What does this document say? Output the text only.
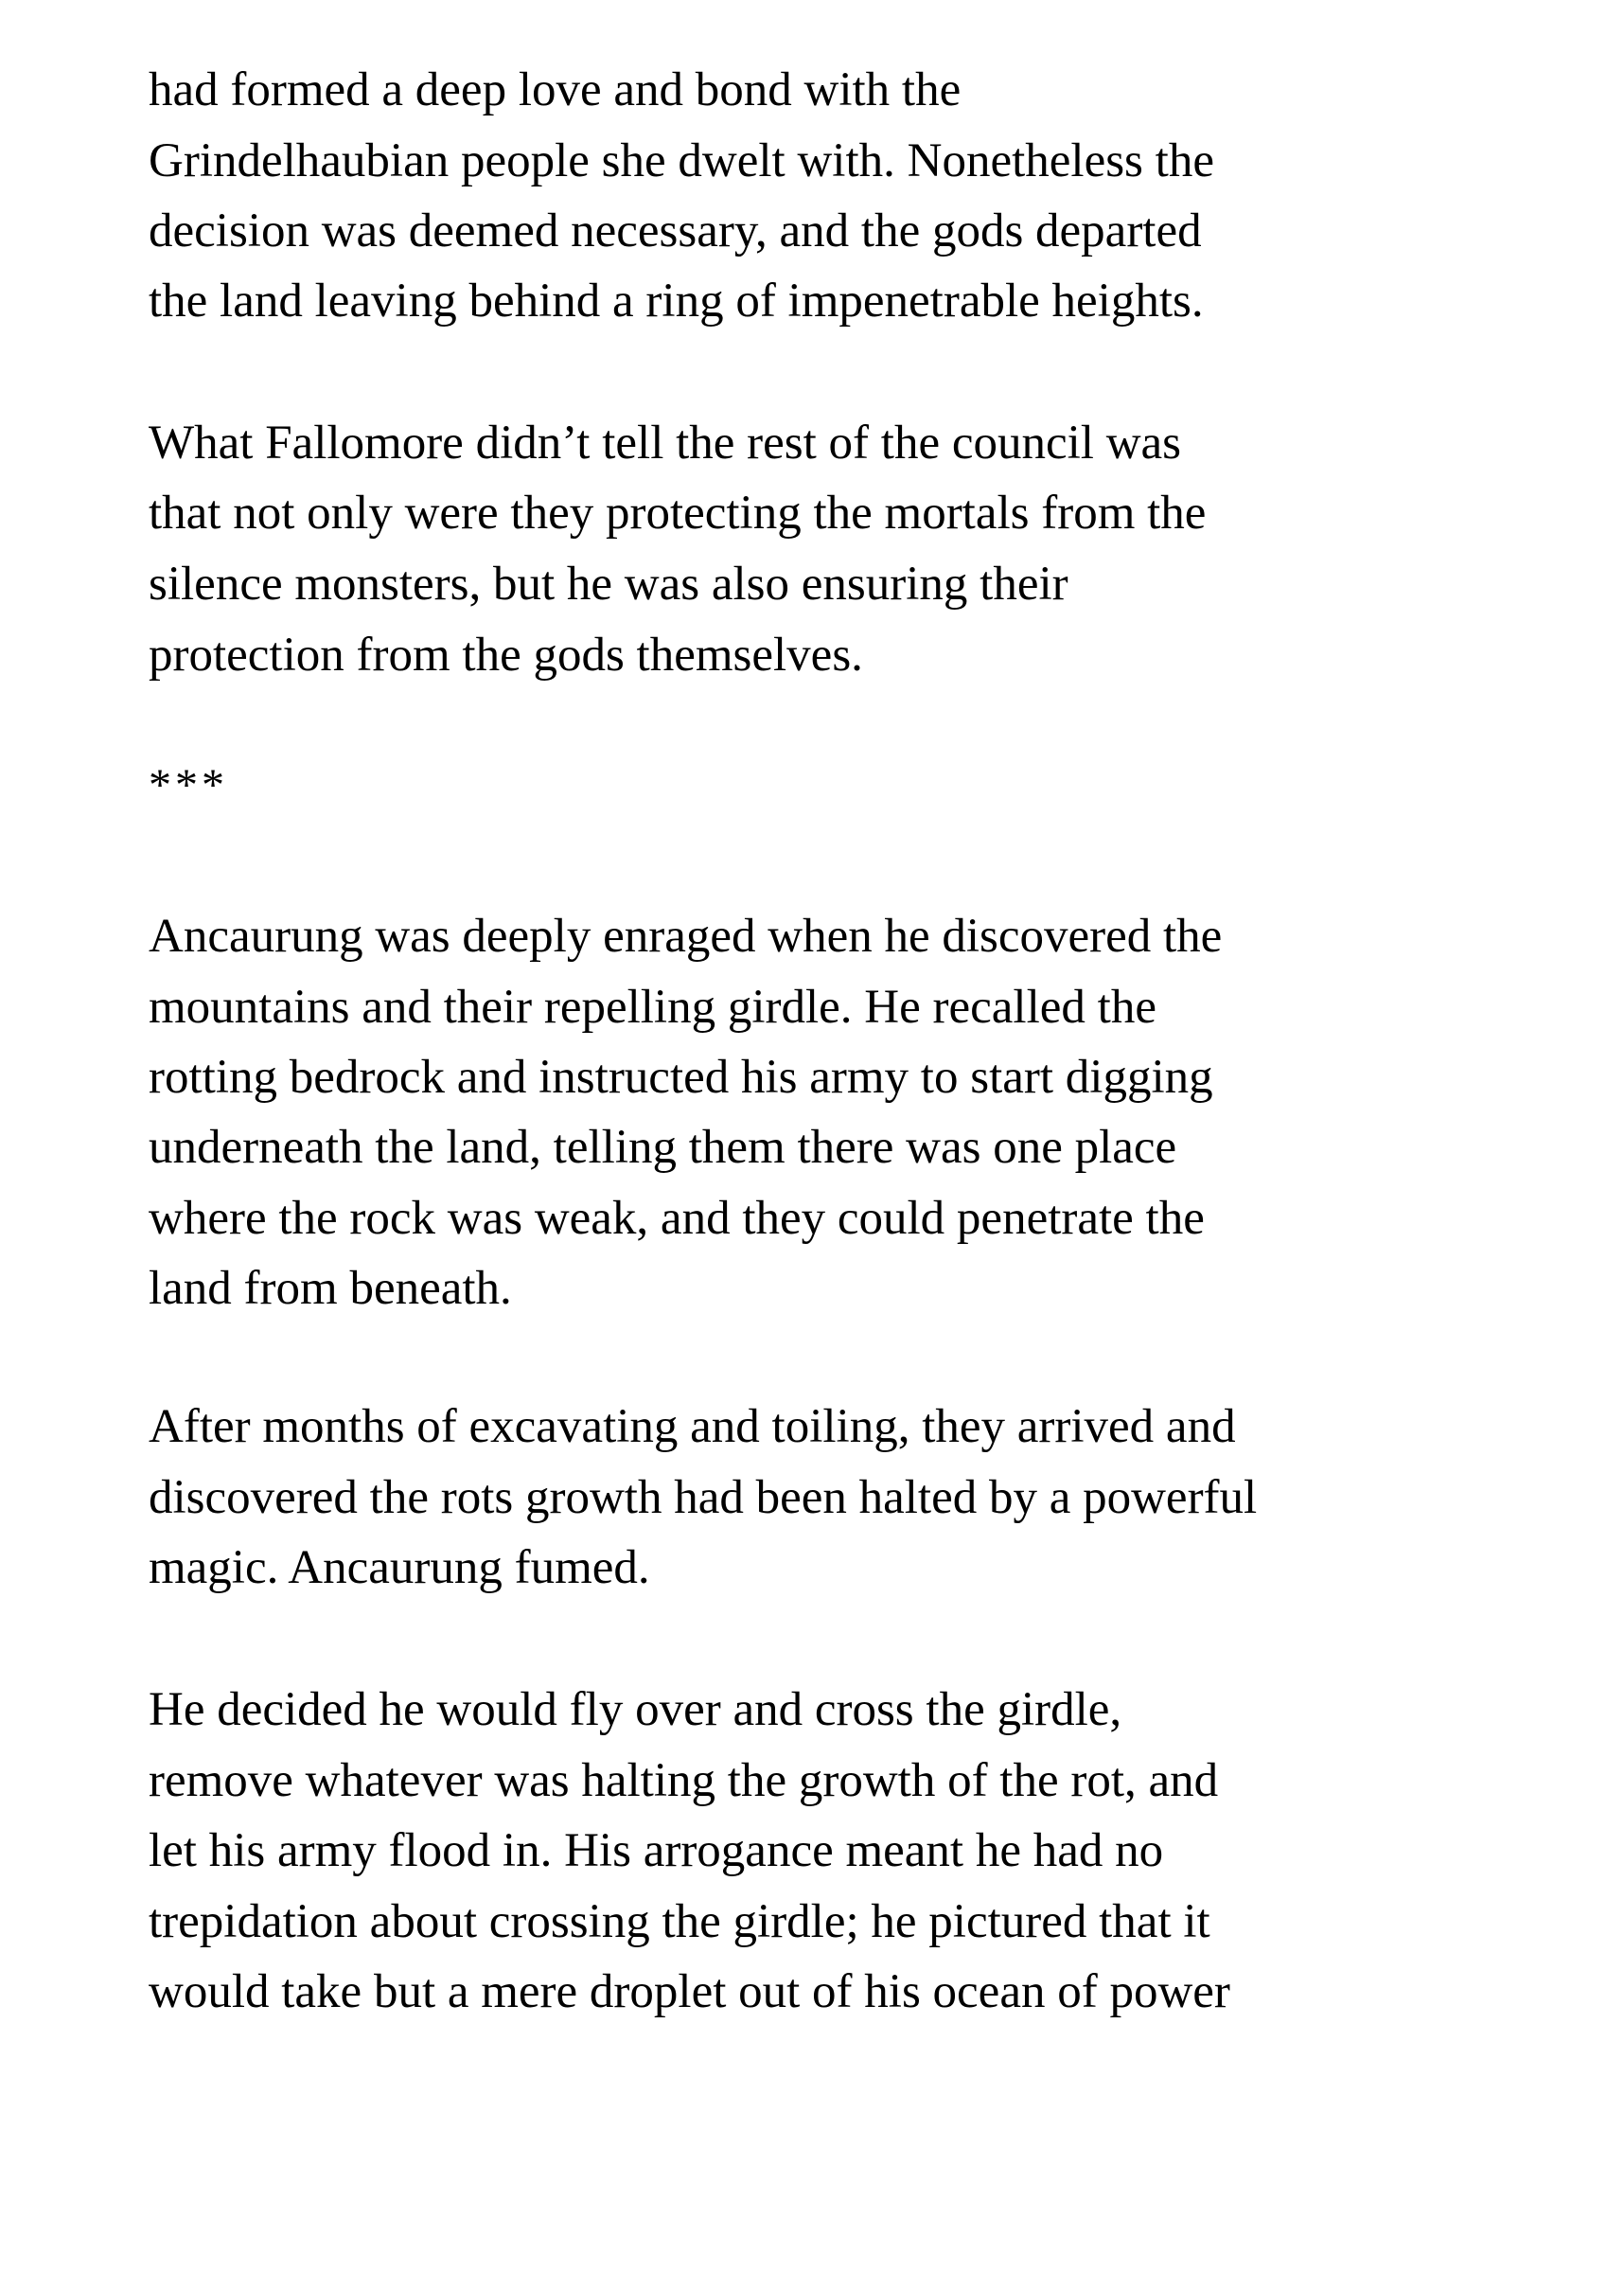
had formed a deep love and bond with the
Grindelhaubian people she dwelt with. Nonetheless the
decision was deemed necessary, and the gods departed
the land leaving behind a ring of impenetrable heights.
What Fallomore didn’t tell the rest of the council was
that not only were they protecting the mortals from the
silence monsters, but he was also ensuring their
protection from the gods themselves.
***
Ancaurung was deeply enraged when he discovered the
mountains and their repelling girdle. He recalled the
rotting bedrock and instructed his army to start digging
underneath the land, telling them there was one place
where the rock was weak, and they could penetrate the
land from beneath.
After months of excavating and toiling, they arrived and
discovered the rots growth had been halted by a powerful
magic. Ancaurung fumed.
He decided he would fly over and cross the girdle,
remove whatever was halting the growth of the rot, and
let his army flood in. His arrogance meant he had no
trepidation about crossing the girdle; he pictured that it
would take but a mere droplet out of his ocean of power
